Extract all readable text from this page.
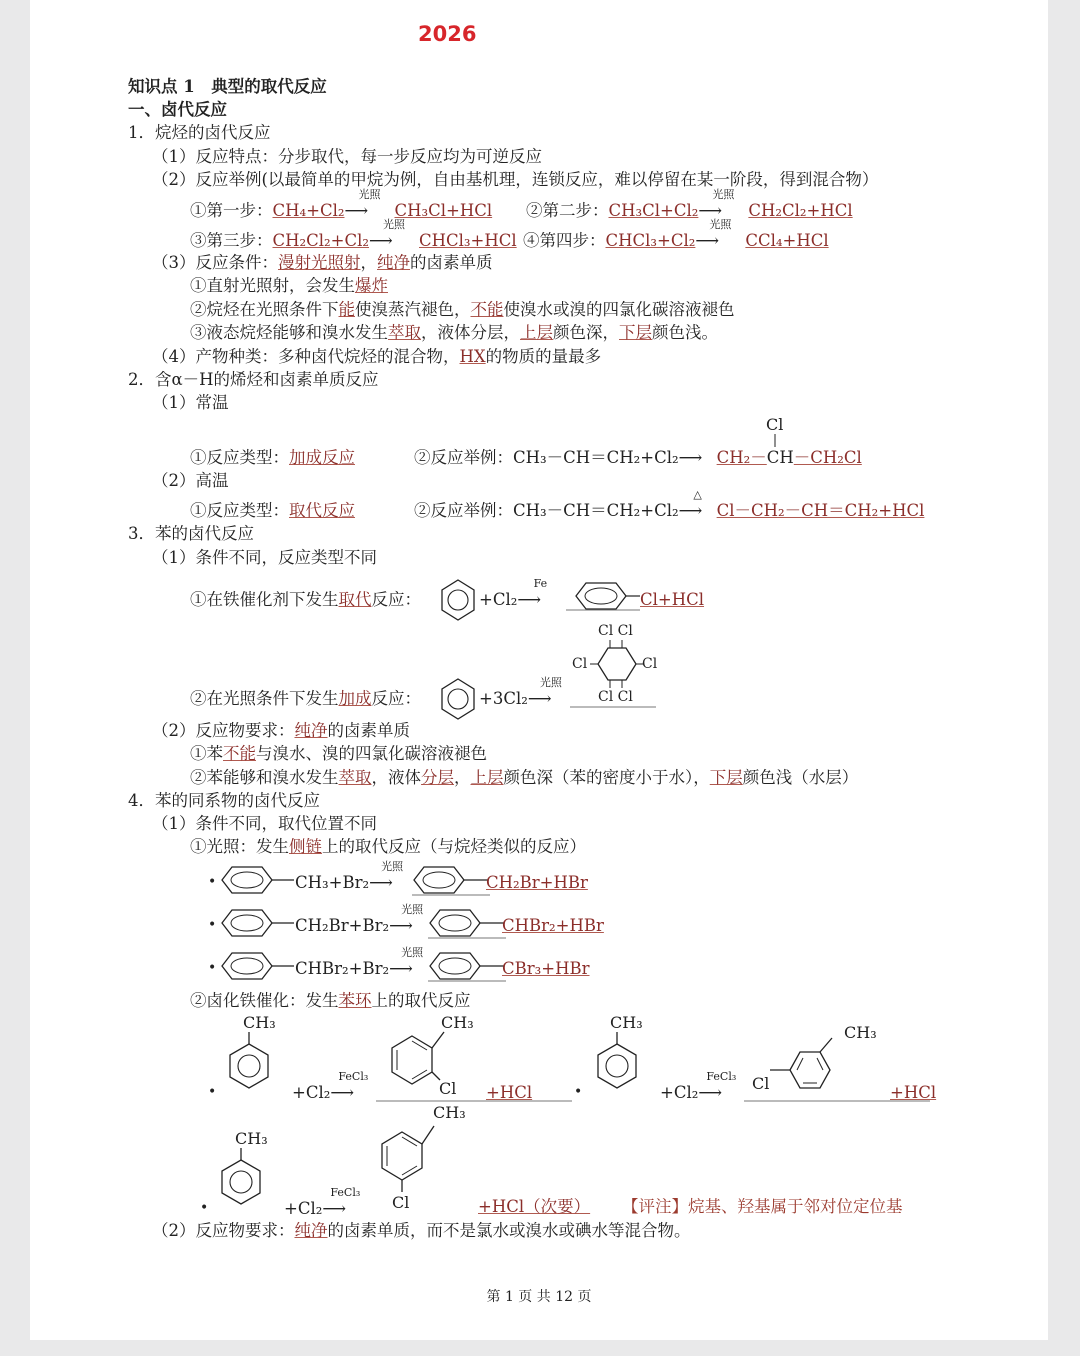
2026
知识点 1　典型的取代反应
一、卤代反应
1．烷烃的卤代反应
（1）反应特点：分步取代，每一步反应均为可逆反应
（2）反应举例(以最简单的甲烷为例，自由基机理，连锁反应，难以停留在某一阶段，得到混合物）
①第一步：CH₄+Cl₂
光照
⟶ CH₃Cl+HCl ②第二步：CH₃Cl+Cl₂
光照
⟶ CH₂Cl₂+HCl
③第三步：CH₂Cl₂+Cl₂
光照
⟶ CHCl₃+HCl ④第四步：CHCl₃+Cl₂
光照
⟶ CCl₄+HCl
（3）反应条件：漫射光照射，纯净的卤素单质
①直射光照射，会发生爆炸
②烷烃在光照条件下能使溴蒸汽褪色，不能使溴水或溴的四氯化碳溶液褪色
③液态烷烃能够和溴水发生萃取，液体分层，上层颜色深，下层颜色浅。
（4）产物种类：多种卤代烷烃的混合物，HX的物质的量最多
2．含α－H的烯烃和卤素单质反应
（1）常温
①反应类型：加成反应	②反应举例：CH₃－CH＝CH₂+Cl₂⟶ CH₂－CH－CH₂Cl
Cl
（2）高温
①反应类型：取代反应	②反应举例：CH₃－CH＝CH₂+Cl₂
△
⟶ Cl－CH₂－CH＝CH₂+HCl
3．苯的卤代反应
（1）条件不同，反应类型不同
①在铁催化剂下发生取代反应：	+Cl₂
Fe
⟶	Cl+HCl
②在光照条件下发生加成反应：	+3Cl₂
光照
⟶
Cl Cl
Cl	Cl
Cl Cl
（2）反应物要求：纯净的卤素单质
①苯不能与溴水、溴的四氯化碳溶液褪色
②苯能够和溴水发生萃取，液体分层，上层颜色深（苯的密度小于水），下层颜色浅（水层）
4．苯的同系物的卤代反应
（1）条件不同，取代位置不同
①光照：发生侧链上的取代反应（与烷烃类似的反应）
•	CH₃+Br₂
光照
⟶	CH₂Br+HBr
•	CH₂Br+Br₂
光照
⟶	CHBr₂+HBr
•	CHBr₂+Br₂
光照
⟶	CBr₃+HBr
②卤化铁催化：发生苯环上的取代反应
CH₃
•	+Cl₂
FeCl₃
⟶
CH₃
Cl +HCl	•
CH₃
+Cl₂
FeCl₃
⟶	Cl
CH₃
+HCl
CH₃
•	+Cl₂
FeCl₃
⟶
CH₃
Cl	+HCl（次要） 【评注】烷基、羟基属于邻对位定位基
（2）反应物要求：纯净的卤素单质，而不是氯水或溴水或碘水等混合物。
第 1 页 共 12 页
